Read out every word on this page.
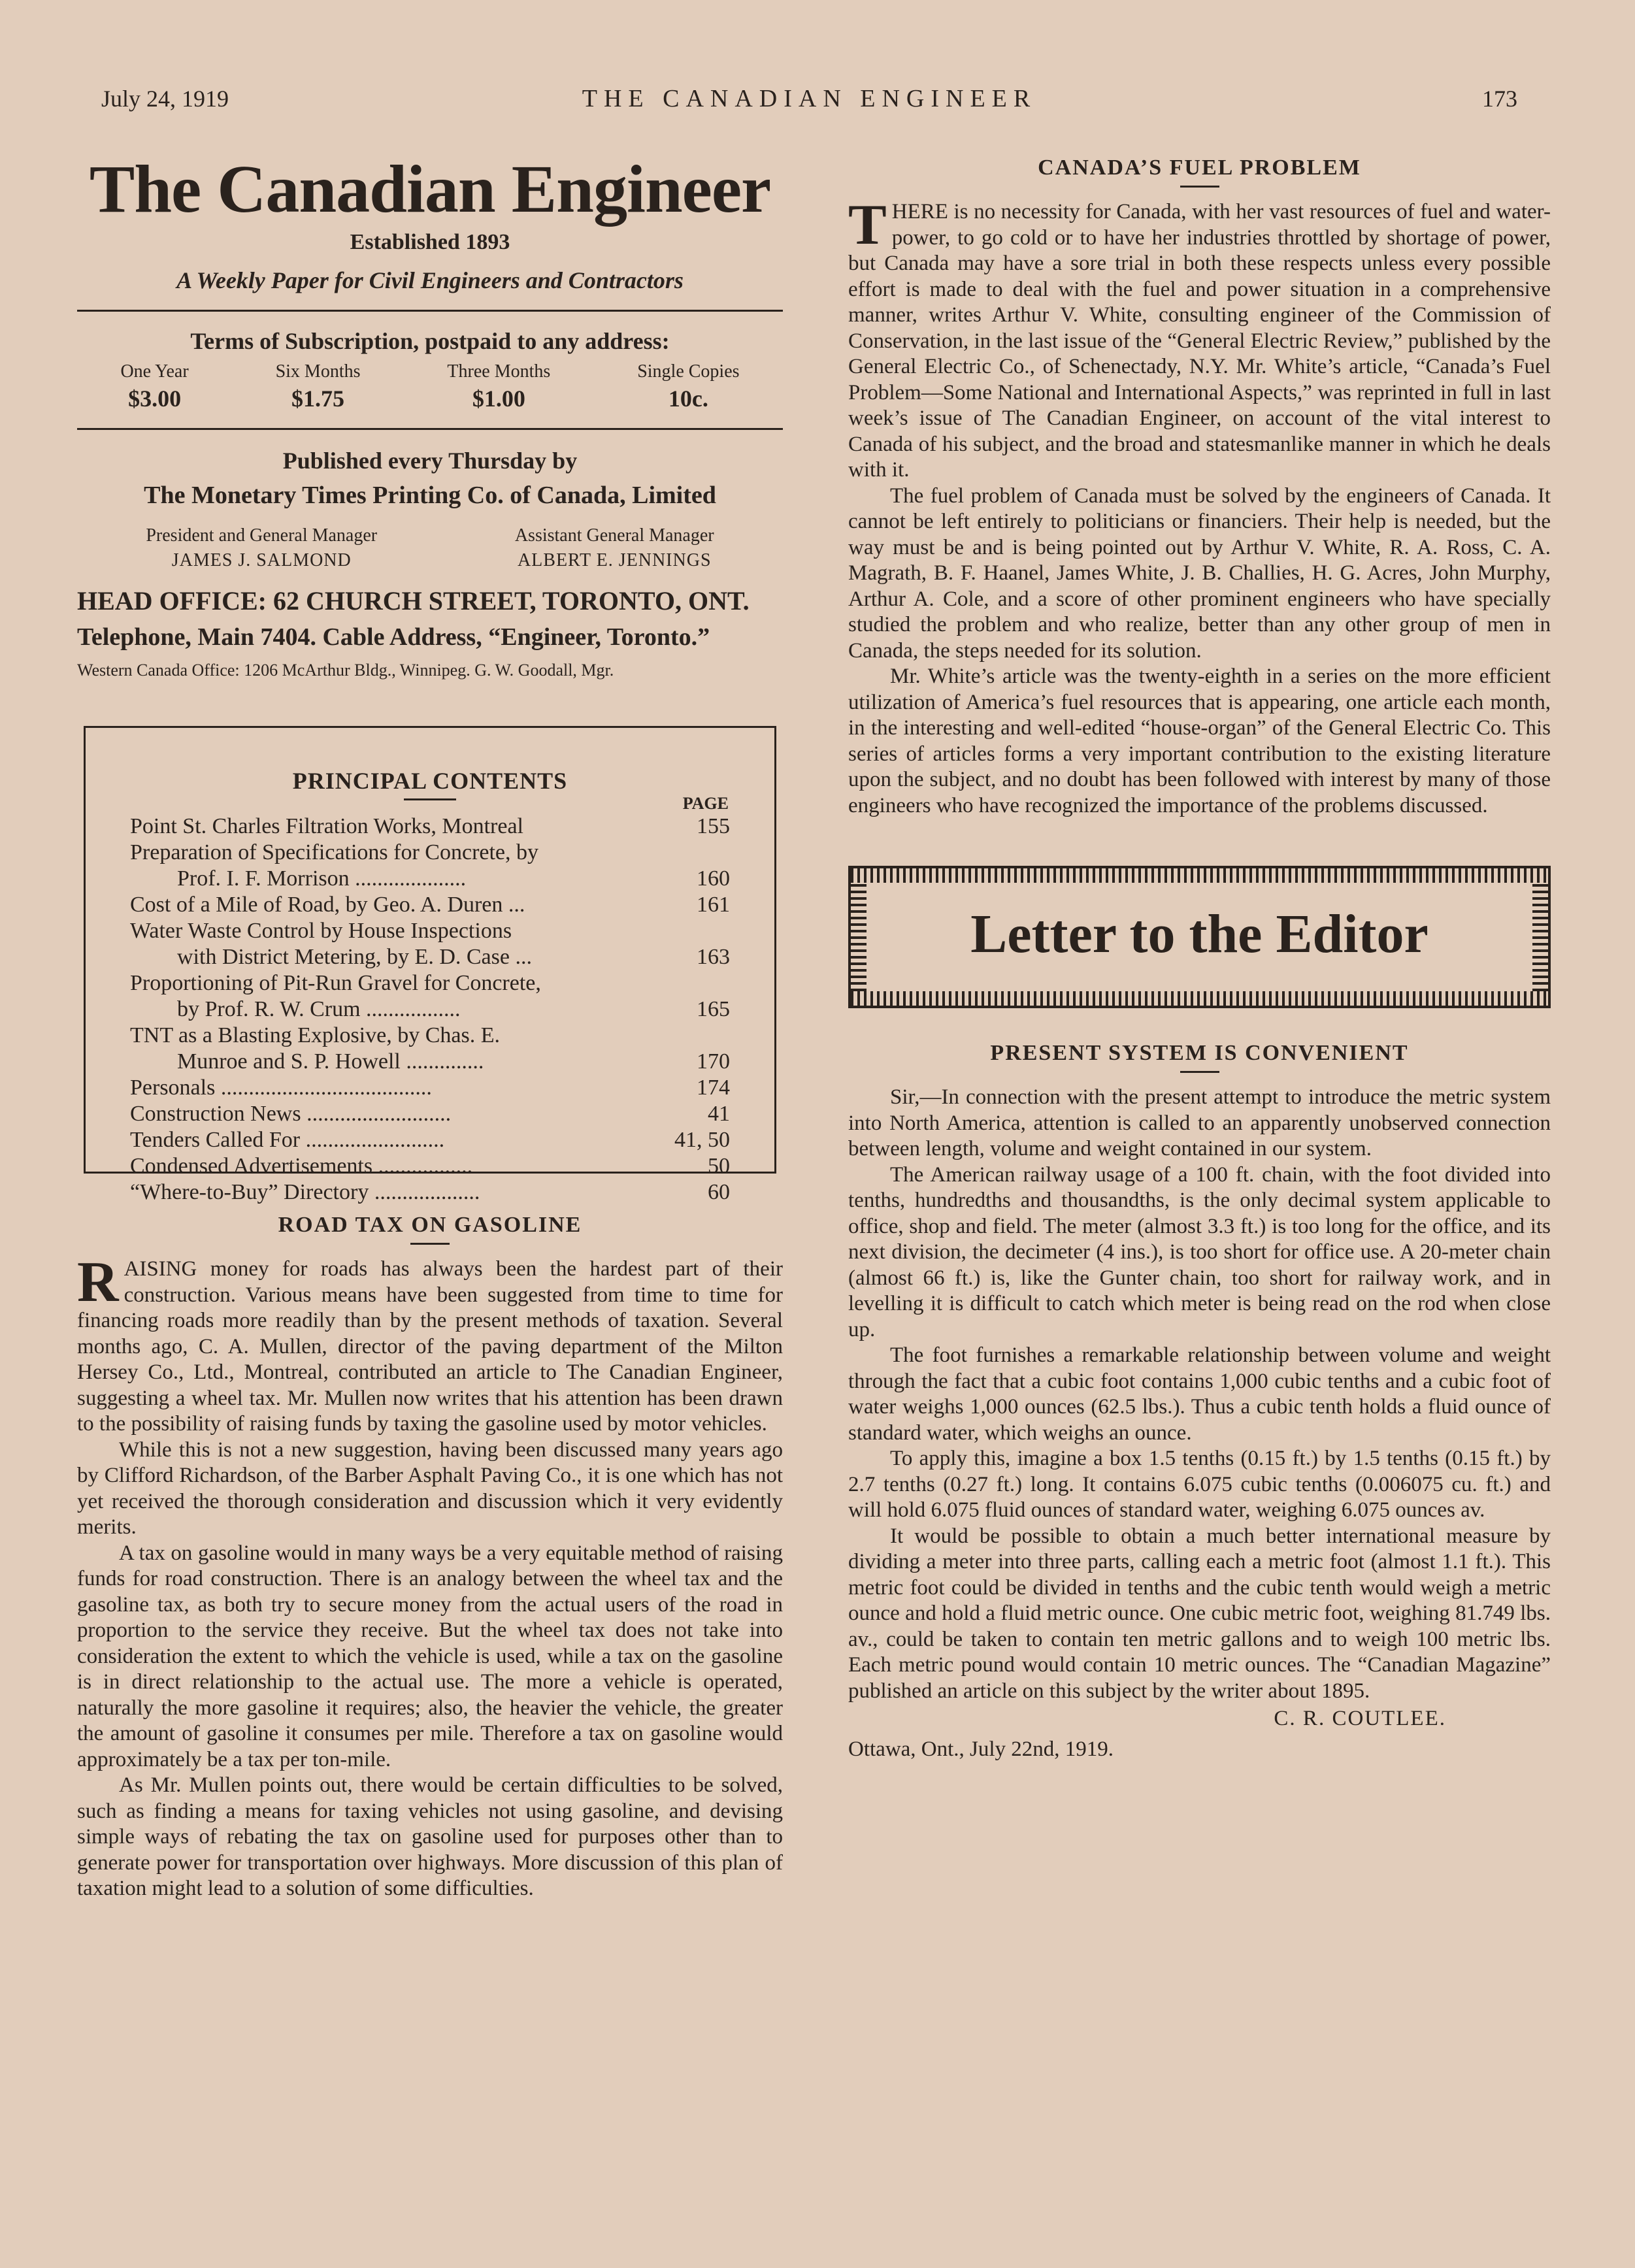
July 24, 1919	THE CANADIAN ENGINEER	173
The Canadian Engineer
Established 1893
A Weekly Paper for Civil Engineers and Contractors
Terms of Subscription, postpaid to any address:
One Year
$3.00
Six Months
$1.75
Three Months
$1.00
Single Copies
10c.
Published every Thursday by
The Monetary Times Printing Co. of Canada, Limited
President and General Manager
JAMES J. SALMOND
Assistant General Manager
ALBERT E. JENNINGS
HEAD OFFICE: 62 CHURCH STREET, TORONTO, ONT.
Telephone, Main 7404. Cable Address, “Engineer, Toronto.”
Western Canada Office: 1206 McArthur Bldg., Winnipeg. G. W. Goodall, Mgr.
PRINCIPAL CONTENTS
PAGE
Point St. Charles Filtration Works, Montreal	155
Preparation of Specifications for Concrete, by
Prof. I. F. Morrison ....................	160
Cost of a Mile of Road, by Geo. A. Duren ...	161
Water Waste Control by House Inspections
with District Metering, by E. D. Case ...	163
Proportioning of Pit-Run Gravel for Concrete,
by Prof. R. W. Crum .................	165
TNT as a Blasting Explosive, by Chas. E.
Munroe and S. P. Howell ..............	170
Personals ......................................	174
Construction News ..........................	41
Tenders Called For .........................	41, 50
Condensed Advertisements .................	50
“Where-to-Buy” Directory ...................	60
ROAD TAX ON GASOLINE

RAISING money for roads has always been the hardest part of their construction. Various means have been suggested from time to time for financing roads more readily than by the present methods of taxation. Several months ago, C. A. Mullen, director of the paving department of the Milton Hersey Co., Ltd., Montreal, contributed an article to The Canadian Engineer, suggesting a wheel tax. Mr. Mullen now writes that his attention has been drawn to the possibility of raising funds by taxing the gasoline used by motor vehicles.

While this is not a new suggestion, having been discussed many years ago by Clifford Richardson, of the Barber Asphalt Paving Co., it is one which has not yet received the thorough consideration and discussion which it very evidently merits.

A tax on gasoline would in many ways be a very equitable method of raising funds for road construction. There is an analogy between the wheel tax and the gasoline tax, as both try to secure money from the actual users of the road in proportion to the service they receive. But the wheel tax does not take into consideration the extent to which the vehicle is used, while a tax on the gasoline is in direct relationship to the actual use. The more a vehicle is operated, naturally the more gasoline it requires; also, the heavier the vehicle, the greater the amount of gasoline it consumes per mile. Therefore a tax on gasoline would approximately be a tax per ton-mile.

As Mr. Mullen points out, there would be certain difficulties to be solved, such as finding a means for taxing vehicles not using gasoline, and devising simple ways of rebating the tax on gasoline used for purposes other than to generate power for transportation over highways. More discussion of this plan of taxation might lead to a solution of some difficulties.

CANADA’S FUEL PROBLEM

THERE is no necessity for Canada, with her vast resources of fuel and water-power, to go cold or to have her industries throttled by shortage of power, but Canada may have a sore trial in both these respects unless every possible effort is made to deal with the fuel and power situation in a comprehensive manner, writes Arthur V. White, consulting engineer of the Commission of Conservation, in the last issue of the “General Electric Review,” published by the General Electric Co., of Schenectady, N.Y. Mr. White’s article, “Canada’s Fuel Problem—Some National and International Aspects,” was reprinted in full in last week’s issue of The Canadian Engineer, on account of the vital interest to Canada of his subject, and the broad and statesmanlike manner in which he deals with it.

The fuel problem of Canada must be solved by the engineers of Canada. It cannot be left entirely to politicians or financiers. Their help is needed, but the way must be and is being pointed out by Arthur V. White, R. A. Ross, C. A. Magrath, B. F. Haanel, James White, J. B. Challies, H. G. Acres, John Murphy, Arthur A. Cole, and a score of other prominent engineers who have specially studied the problem and who realize, better than any other group of men in Canada, the steps needed for its solution.

Mr. White’s article was the twenty-eighth in a series on the more efficient utilization of America’s fuel resources that is appearing, one article each month, in the interesting and well-edited “house-organ” of the General Electric Co. This series of articles forms a very important contribution to the existing literature upon the subject, and no doubt has been followed with interest by many of those engineers who have recognized the importance of the problems discussed.

Letter to the Editor
PRESENT SYSTEM IS CONVENIENT

Sir,—In connection with the present attempt to introduce the metric system into North America, attention is called to an apparently unobserved connection between length, volume and weight contained in our system.

The American railway usage of a 100 ft. chain, with the foot divided into tenths, hundredths and thousandths, is the only decimal system applicable to office, shop and field. The meter (almost 3.3 ft.) is too long for the office, and its next division, the decimeter (4 ins.), is too short for office use. A 20-meter chain (almost 66 ft.) is, like the Gunter chain, too short for railway work, and in levelling it is difficult to catch which meter is being read on the rod when close up.

The foot furnishes a remarkable relationship between volume and weight through the fact that a cubic foot contains 1,000 cubic tenths and a cubic foot of water weighs 1,000 ounces (62.5 lbs.). Thus a cubic tenth holds a fluid ounce of standard water, which weighs an ounce.

To apply this, imagine a box 1.5 tenths (0.15 ft.) by 1.5 tenths (0.15 ft.) by 2.7 tenths (0.27 ft.) long. It contains 6.075 cubic tenths (0.006075 cu. ft.) and will hold 6.075 fluid ounces of standard water, weighing 6.075 ounces av.

It would be possible to obtain a much better international measure by dividing a meter into three parts, calling each a metric foot (almost 1.1 ft.). This metric foot could be divided in tenths and the cubic tenth would weigh a metric ounce and hold a fluid metric ounce. One cubic metric foot, weighing 81.749 lbs. av., could be taken to contain ten metric gallons and to weigh 100 metric lbs. Each metric pound would contain 10 metric ounces. The “Canadian Magazine” published an article on this subject by the writer about 1895.

C. R. COUTLEE.
Ottawa, Ont., July 22nd, 1919.
